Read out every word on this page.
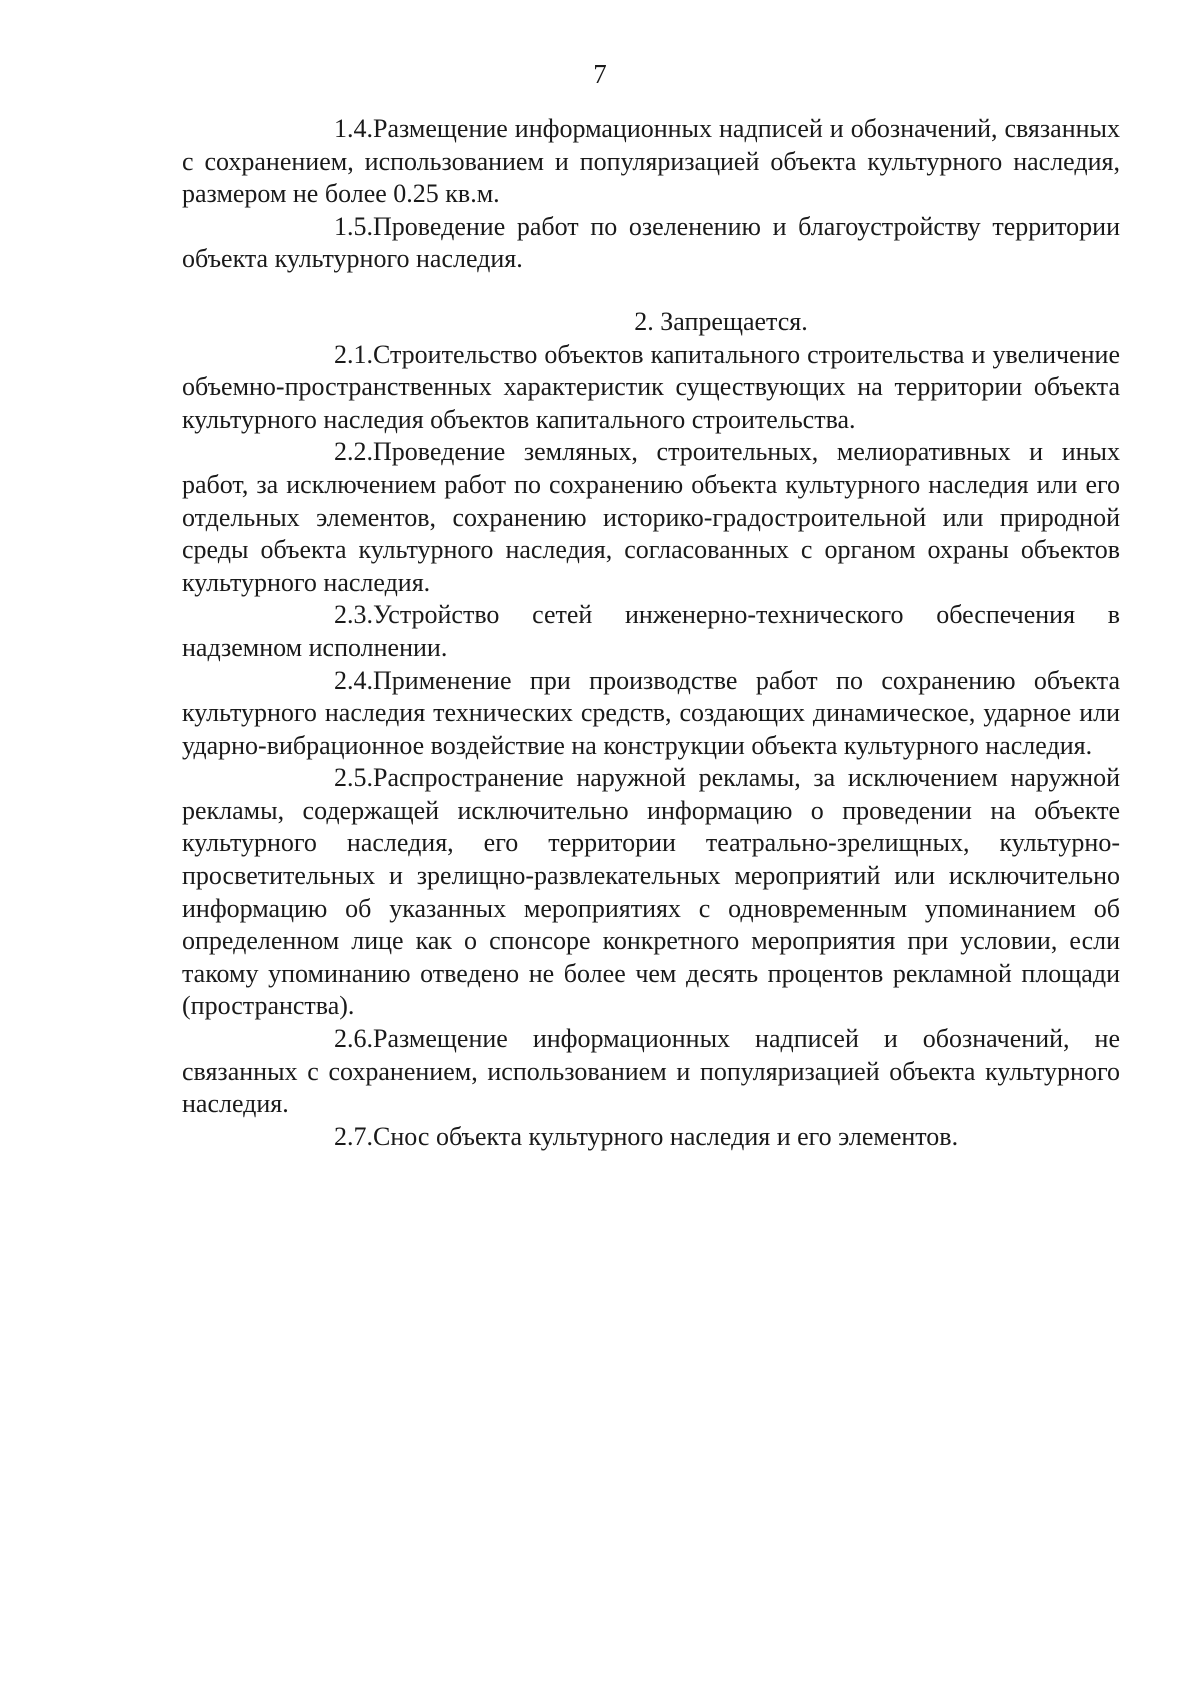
7

1.4.Размещение информационных надписей и обозначений, связанных с сохранением, использованием и популяризацией объекта культурного наследия, размером не более 0.25 кв.м.

1.5.Проведение работ по озеленению и благоустройству территории объекта культурного наследия.

2. Запрещается.

2.1.Строительство объектов капитального строительства и увеличение объемно-пространственных характеристик существующих на территории объекта культурного наследия объектов капитального строительства.

2.2.Проведение земляных, строительных, мелиоративных и иных работ, за исключением работ по сохранению объекта культурного наследия или его отдельных элементов, сохранению историко-градостроительной или природной среды объекта культурного наследия, согласованных с органом охраны объектов культурного наследия.

2.3.Устройство сетей инженерно-технического обеспечения в надземном исполнении.

2.4.Применение при производстве работ по сохранению объекта культурного наследия технических средств, создающих динамическое, ударное или ударно-вибрационное воздействие на конструкции объекта культурного наследия.

2.5.Распространение наружной рекламы, за исключением наружной рекламы, содержащей исключительно информацию о проведении на объекте культурного наследия, его территории театрально-зрелищных, культурно-просветительных и зрелищно-развлекательных мероприятий или исключительно информацию об указанных мероприятиях с одновременным упоминанием об определенном лице как о спонсоре конкретного мероприятия при условии, если такому упоминанию отведено не более чем десять процентов рекламной площади (пространства).

2.6.Размещение информационных надписей и обозначений, не связанных с сохранением, использованием и популяризацией объекта культурного наследия.

2.7.Снос объекта культурного наследия и его элементов.
